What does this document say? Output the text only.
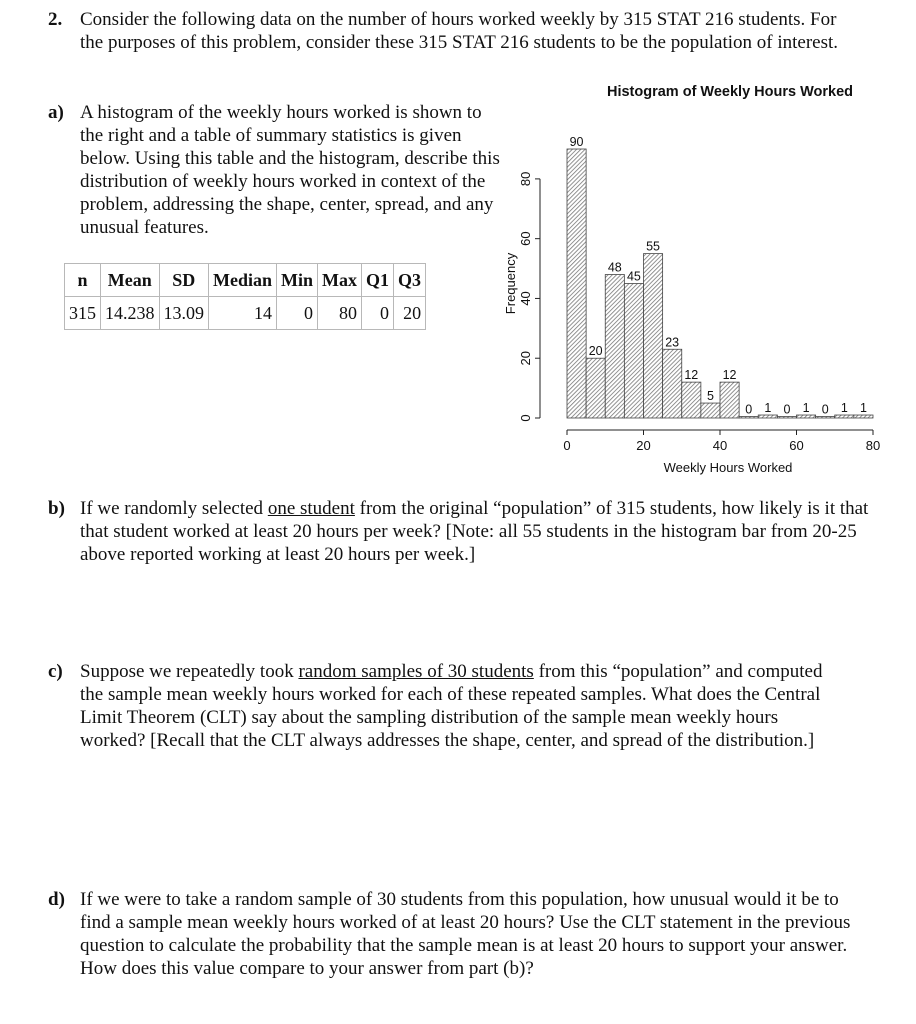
2. Consider the following data on the number of hours worked weekly by 315 STAT 216 students. For the purposes of this problem, consider these 315 STAT 216 students to be the population of interest.
a) A histogram of the weekly hours worked is shown to the right and a table of summary statistics is given below. Using this table and the histogram, describe this distribution of weekly hours worked in context of the problem, addressing the shape, center, spread, and any unusual features.
n	Mean	SD	Median	Min	Max	Q1	Q3
315	14.238	13.09	14	0	80	0	20
Histogram of Weekly Hours Worked
90
20
48
45
55
23
12
5
12
0 1 0 1 0 1 1
0
20
40
60
80
Frequency
0	20	40	60	80
Weekly Hours Worked
b) If we randomly selected one student from the original “population” of 315 students, how likely is it that that student worked at least 20 hours per week? [Note: all 55 students in the histogram bar from 20-25 above reported working at least 20 hours per week.]
c) Suppose we repeatedly took random samples of 30 students from this “population” and computed the sample mean weekly hours worked for each of these repeated samples. What does the Central Limit Theorem (CLT) say about the sampling distribution of the sample mean weekly hours worked? [Recall that the CLT always addresses the shape, center, and spread of the distribution.]
d) If we were to take a random sample of 30 students from this population, how unusual would it be to find a sample mean weekly hours worked of at least 20 hours? Use the CLT statement in the previous question to calculate the probability that the sample mean is at least 20 hours to support your answer. How does this value compare to your answer from part (b)?
